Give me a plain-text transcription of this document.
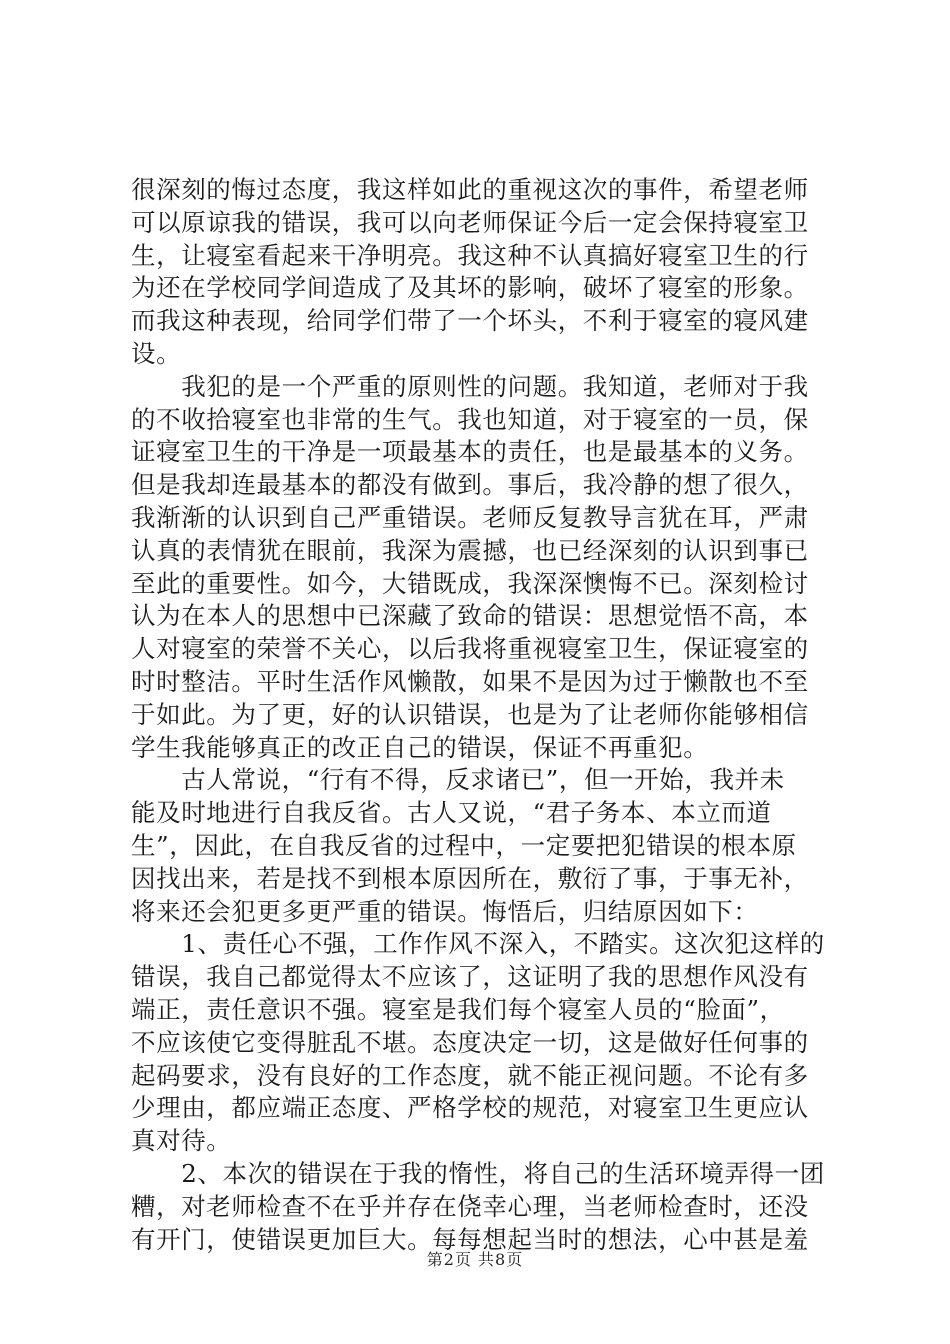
很深刻的悔过态度，我这样如此的重视这次的事件，希望老师
可以原谅我的错误，我可以向老师保证今后一定会保持寝室卫
生，让寝室看起来干净明亮。我这种不认真搞好寝室卫生的行
为还在学校同学间造成了及其坏的影响，破坏了寝室的形象。
而我这种表现，给同学们带了一个坏头，不利于寝室的寝风建
设。
　　我犯的是一个严重的原则性的问题。我知道，老师对于我
的不收拾寝室也非常的生气。我也知道，对于寝室的一员，保
证寝室卫生的干净是一项最基本的责任，也是最基本的义务。
但是我却连最基本的都没有做到。事后，我冷静的想了很久，
我渐渐的认识到自己严重错误。老师反复教导言犹在耳，严肃
认真的表情犹在眼前，我深为震撼，也已经深刻的认识到事已
至此的重要性。如今，大错既成，我深深懊悔不已。深刻检讨
认为在本人的思想中已深藏了致命的错误：思想觉悟不高，本
人对寝室的荣誉不关心，以后我将重视寝室卫生，保证寝室的
时时整洁。平时生活作风懒散，如果不是因为过于懒散也不至
于如此。为了更，好的认识错误，也是为了让老师你能够相信
学生我能够真正的改正自己的错误，保证不再重犯。
　　古人常说，“行有不得，反求诸已”，但一开始，我并未
能及时地进行自我反省。古人又说，“君子务本、本立而道
生”，因此，在自我反省的过程中，一定要把犯错误的根本原
因找出来，若是找不到根本原因所在，敷衍了事，于事无补，
将来还会犯更多更严重的错误。悔悟后，归结原因如下：
　　1、责任心不强，工作作风不深入，不踏实。这次犯这样的
错误，我自己都觉得太不应该了，这证明了我的思想作风没有
端正，责任意识不强。寝室是我们每个寝室人员的“脸面”，
不应该使它变得脏乱不堪。态度决定一切，这是做好任何事的
起码要求，没有良好的工作态度，就不能正视问题。不论有多
少理由，都应端正态度、严格学校的规范，对寝室卫生更应认
真对待。
　　2、本次的错误在于我的惰性，将自己的生活环境弄得一团
糟，对老师检查不在乎并存在侥幸心理，当老师检查时，还没
有开门，使错误更加巨大。每每想起当时的想法，心中甚是羞
第2页 共8页
